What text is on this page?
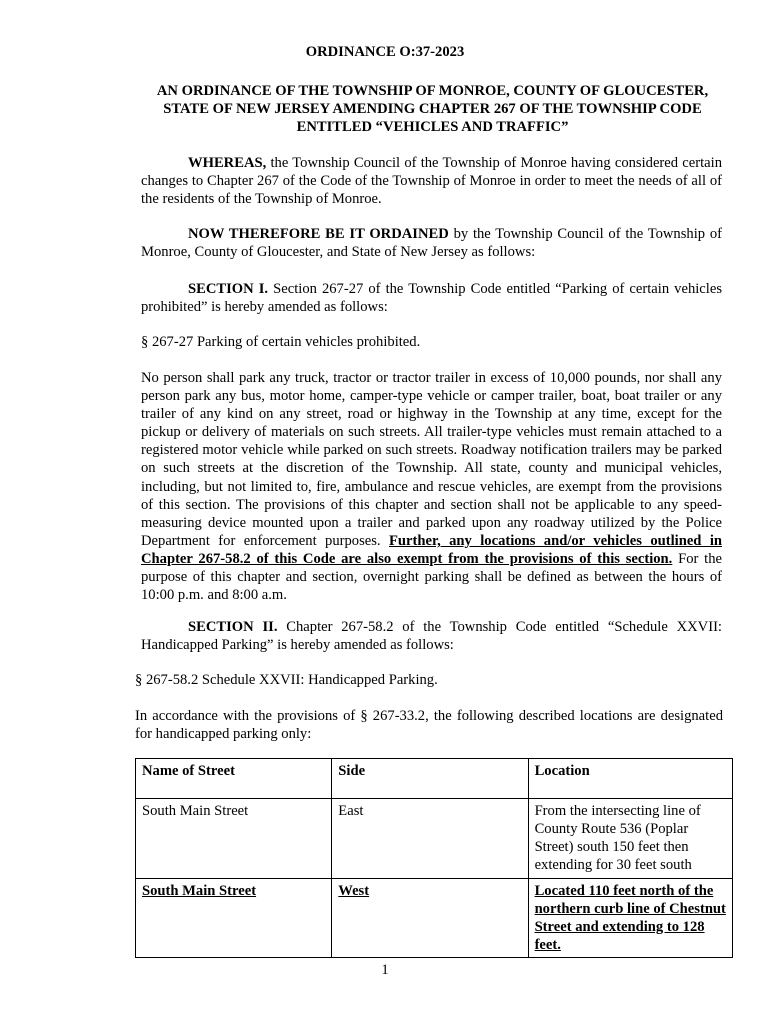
ORDINANCE O:37-2023
AN ORDINANCE OF THE TOWNSHIP OF MONROE, COUNTY OF GLOUCESTER,
STATE OF NEW JERSEY AMENDING CHAPTER 267 OF THE TOWNSHIP CODE
ENTITLED “VEHICLES AND TRAFFIC”
WHEREAS, the Township Council of the Township of Monroe having considered certain changes to Chapter 267 of the Code of the Township of Monroe in order to meet the needs of all of the residents of the Township of Monroe.
NOW THEREFORE BE IT ORDAINED by the Township Council of the Township of Monroe, County of Gloucester, and State of New Jersey as follows:
SECTION I. Section 267-27 of the Township Code entitled “Parking of certain vehicles prohibited” is hereby amended as follows:
§ 267-27 Parking of certain vehicles prohibited.
No person shall park any truck, tractor or tractor trailer in excess of 10,000 pounds, nor shall any person park any bus, motor home, camper-type vehicle or camper trailer, boat, boat trailer or any trailer of any kind on any street, road or highway in the Township at any time, except for the pickup or delivery of materials on such streets. All trailer-type vehicles must remain attached to a registered motor vehicle while parked on such streets. Roadway notification trailers may be parked on such streets at the discretion of the Township. All state, county and municipal vehicles, including, but not limited to, fire, ambulance and rescue vehicles, are exempt from the provisions of this section. The provisions of this chapter and section shall not be applicable to any speed-measuring device mounted upon a trailer and parked upon any roadway utilized by the Police Department for enforcement purposes. Further, any locations and/or vehicles outlined in Chapter 267-58.2 of this Code are also exempt from the provisions of this section. For the purpose of this chapter and section, overnight parking shall be defined as between the hours of 10:00 p.m. and 8:00 a.m.
SECTION II. Chapter 267-58.2 of the Township Code entitled “Schedule XXVII: Handicapped Parking” is hereby amended as follows:
§ 267-58.2 Schedule XXVII: Handicapped Parking.
In accordance with the provisions of § 267-33.2, the following described locations are designated for handicapped parking only:
Name of Street	Side	Location
South Main Street	East	From the intersecting line of County Route 536 (Poplar Street) south 150 feet then extending for 30 feet south
South Main Street	West	Located 110 feet north of the northern curb line of Chestnut Street and extending to 128 feet.
1
